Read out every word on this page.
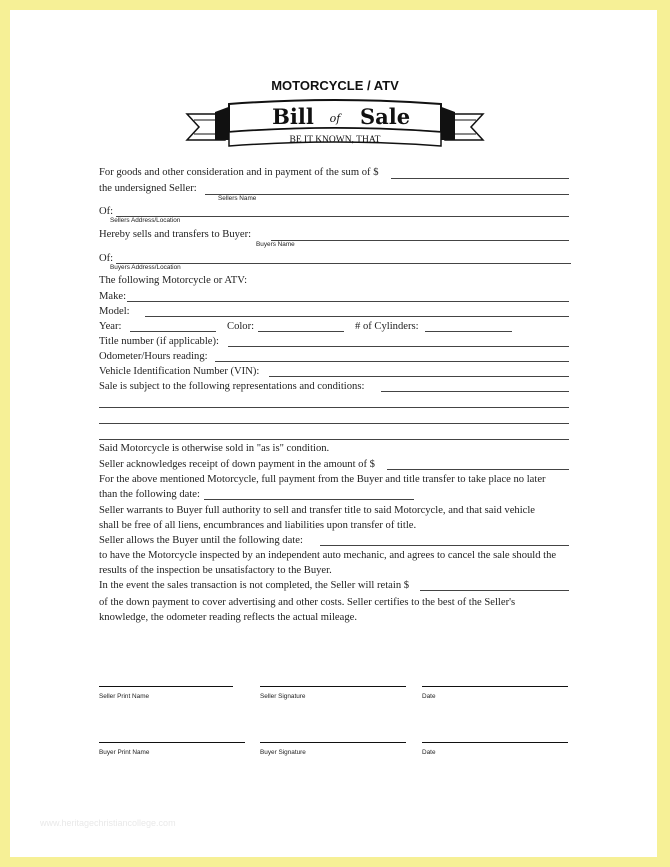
MOTORCYCLE / ATV
Bill of Sale
BE IT KNOWN, THAT
For goods and other consideration and in payment of the sum of $
the undersigned Seller:
Sellers Name
Of:
Sellers Address/Location
Hereby sells and transfers to Buyer:
Buyers Name
Of:
Buyers Address/Location
The following Motorcycle or ATV:
Make:
Model:
Year:	Color:	# of Cylinders:
Title number (if applicable):
Odometer/Hours reading:
Vehicle Identification Number (VIN):
Sale is subject to the following representations and conditions:
Said Motorcycle is otherwise sold in "as is" condition.
Seller acknowledges receipt of down payment in the amount of $
For the above mentioned Motorcycle, full payment from the Buyer and title transfer to take place no later
than the following date:
Seller warrants to Buyer full authority to sell and transfer title to said Motorcycle, and that said vehicle
shall be free of all liens, encumbrances and liabilities upon transfer of title.
Seller allows the Buyer until the following date:
to have the Motorcycle inspected by an independent auto mechanic, and agrees to cancel the sale should the
results of the inspection be unsatisfactory to the Buyer.
In the event the sales transaction is not completed, the Seller will retain $
of the down payment to cover advertising and other costs. Seller certifies to the best of the Seller's
knowledge, the odometer reading reflects the actual mileage.
Seller Print Name	Seller Signature	Date
Buyer Print Name	Buyer Signature	Date
www.heritagechristiancollege.com
